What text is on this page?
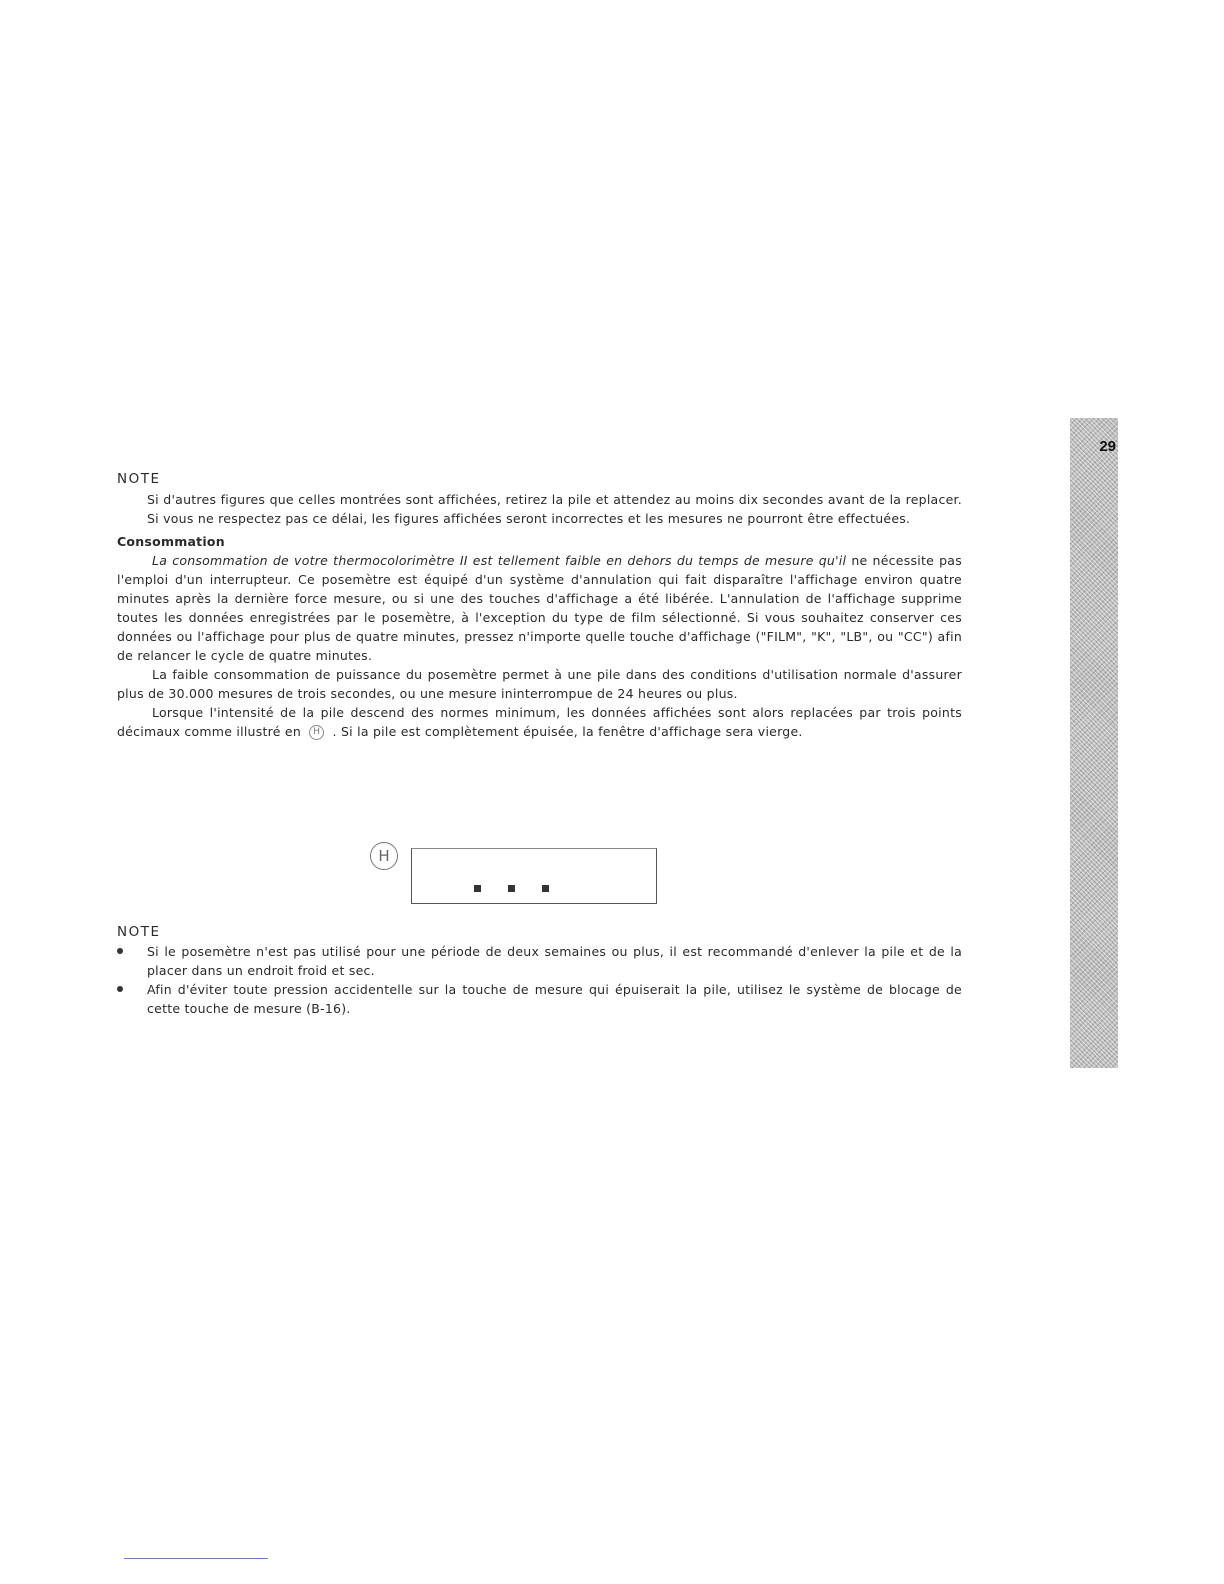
29

NOTE

Si d'autres figures que celles montrées sont affichées, retirez la pile et attendez au moins dix secondes avant de la replacer. Si vous ne respectez pas ce délai, les figures affichées seront incorrectes et les mesures ne pourront être effectuées.

Consommation

La consommation de votre thermocolorimètre II est tellement faible en dehors du temps de mesure qu'il ne nécessite pas l'emploi d'un interrupteur. Ce posemètre est équipé d'un système d'annulation qui fait disparaître l'affichage environ quatre minutes après la dernière force mesure, ou si une des touches d'affichage a été libérée. L'annulation de l'affichage supprime toutes les données enregistrées par le posemètre, à l'exception du type de film sélectionné. Si vous souhaitez conserver ces données ou l'affichage pour plus de quatre minutes, pressez n'importe quelle touche d'affichage ("FILM", "K", "LB", ou "CC") afin de relancer le cycle de quatre minutes.

La faible consommation de puissance du posemètre permet à une pile dans des conditions d'utilisation normale d'assurer plus de 30.000 mesures de trois secondes, ou une mesure ininterrompue de 24 heures ou plus.

Lorsque l'intensité de la pile descend des normes minimum, les données affichées sont alors replacées par trois points décimaux comme illustré en H . Si la pile est complètement épuisée, la fenêtre d'affichage sera vierge.

H

NOTE

Si le posemètre n'est pas utilisé pour une période de deux semaines ou plus, il est recommandé d'enlever la pile et de la placer dans un endroit froid et sec.
Afin d'éviter toute pression accidentelle sur la touche de mesure qui épuiserait la pile, utilisez le système de blocage de cette touche de mesure (B-16).
